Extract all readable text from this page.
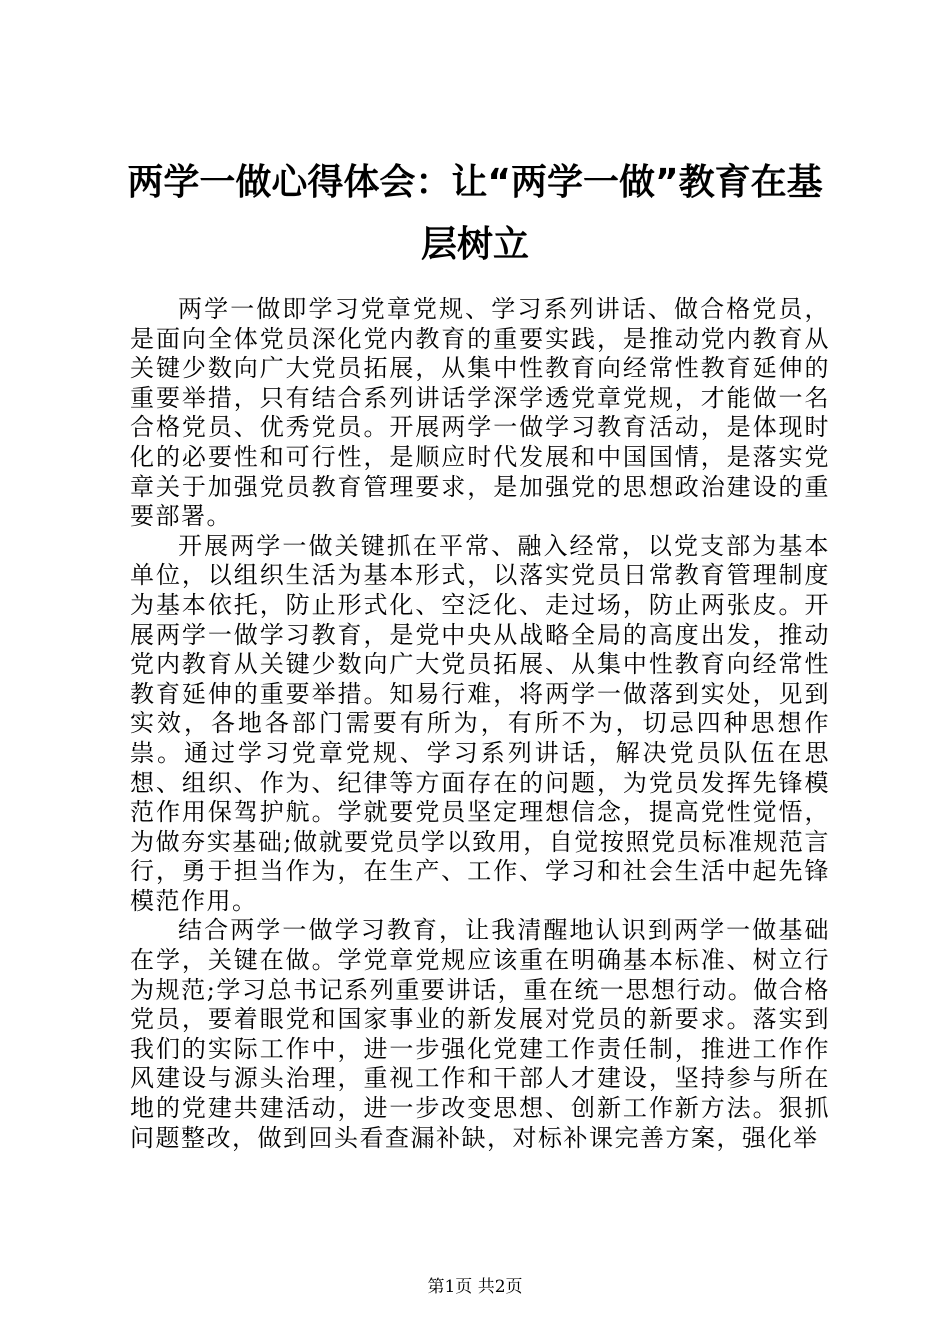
两学一做心得体会：让“两学一做”教育在基
层树立

两学一做即学习党章党规、学习系列讲话、做合格党员，是面向全体党员深化党内教育的重要实践，是推动党内教育从关键少数向广大党员拓展，从集中性教育向经常性教育延伸的重要举措，只有结合系列讲话学深学透党章党规，才能做一名合格党员、优秀党员。开展两学一做学习教育活动，是体现时化的必要性和可行性，是顺应时代发展和中国国情，是落实党章关于加强党员教育管理要求，是加强党的思想政治建设的重要部署。

开展两学一做关键抓在平常、融入经常，以党支部为基本单位，以组织生活为基本形式，以落实党员日常教育管理制度为基本依托，防止形式化、空泛化、走过场，防止两张皮。开展两学一做学习教育，是党中央从战略全局的高度出发，推动党内教育从关键少数向广大党员拓展、从集中性教育向经常性教育延伸的重要举措。知易行难，将两学一做落到实处，见到实效，各地各部门需要有所为，有所不为，切忌四种思想作祟。通过学习党章党规、学习系列讲话，解决党员队伍在思想、组织、作为、纪律等方面存在的问题，为党员发挥先锋模范作用保驾护航。学就要党员坚定理想信念，提高党性觉悟，为做夯实基础;做就要党员学以致用，自觉按照党员标准规范言行，勇于担当作为，在生产、工作、学习和社会生活中起先锋模范作用。

结合两学一做学习教育，让我清醒地认识到两学一做基础在学，关键在做。学党章党规应该重在明确基本标准、树立行为规范;学习总书记系列重要讲话，重在统一思想行动。做合格党员，要着眼党和国家事业的新发展对党员的新要求。落实到我们的实际工作中，进一步强化党建工作责任制，推进工作作风建设与源头治理，重视工作和干部人才建设，坚持参与所在地的党建共建活动，进一步改变思想、创新工作新方法。狠抓问题整改，做到回头看查漏补缺，对标补课完善方案，强化举

第1页 共2页
